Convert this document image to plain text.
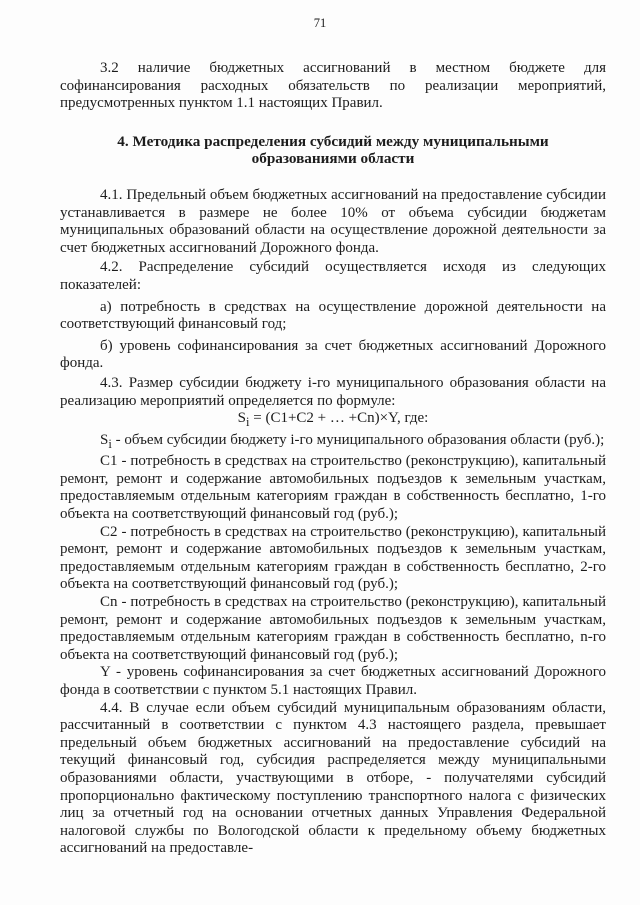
71

3.2 наличие бюджетных ассигнований в местном бюджете для софинансирования расходных обязательств по реализации мероприятий, предусмотренных пунктом 1.1 настоящих Правил.

4. Методика распределения субсидий между муниципальными
образованиями области

4.1. Предельный объем бюджетных ассигнований на предоставление субсидии устанавливается в размере не более 10% от объема субсидии бюджетам муниципальных образований области на осуществление дорожной деятельности за счет бюджетных ассигнований Дорожного фонда.

4.2. Распределение субсидий осуществляется исходя из следующих показателей:

а) потребность в средствах на осуществление дорожной деятельности на соответствующий финансовый год;

б) уровень софинансирования за счет бюджетных ассигнований Дорожного фонда.

4.3. Размер субсидии бюджету i-го муниципального образования области на реализацию мероприятий определяется по формуле:

$S_i = (C1+C2$ + … +Cn)×Y, где:

$S_i$ - объем субсидии бюджету i-го муниципального образования области (руб.);

С1 - потребность в средствах на строительство (реконструкцию), капитальный ремонт, ремонт и содержание автомобильных подъездов к земельным участкам, предоставляемым отдельным категориям граждан в собственность бесплатно, 1-го объекта на соответствующий финансовый год (руб.);

С2 - потребность в средствах на строительство (реконструкцию), капитальный ремонт, ремонт и содержание автомобильных подъездов к земельным участкам, предоставляемым отдельным категориям граждан в собственность бесплатно, 2-го объекта на соответствующий финансовый год (руб.);

Сn - потребность в средствах на строительство (реконструкцию), капитальный ремонт, ремонт и содержание автомобильных подъездов к земельным участкам, предоставляемым отдельным категориям граждан в собственность бесплатно, n-го объекта на соответствующий финансовый год (руб.);

Y - уровень софинансирования за счет бюджетных ассигнований Дорожного фонда в соответствии с пунктом 5.1 настоящих Правил.

4.4. В случае если объем субсидий муниципальным образованиям области, рассчитанный в соответствии с пунктом 4.3 настоящего раздела, превышает предельный объем бюджетных ассигнований на предоставление субсидий на текущий финансовый год, субсидия распределяется между муниципальными образованиями области, участвующими в отборе, - получателями субсидий пропорционально фактическому поступлению транспортного налога с физических лиц за отчетный год на основании отчетных данных Управления Федеральной налоговой службы по Вологодской области к предельному объему бюджетных ассигнований на предоставле-
